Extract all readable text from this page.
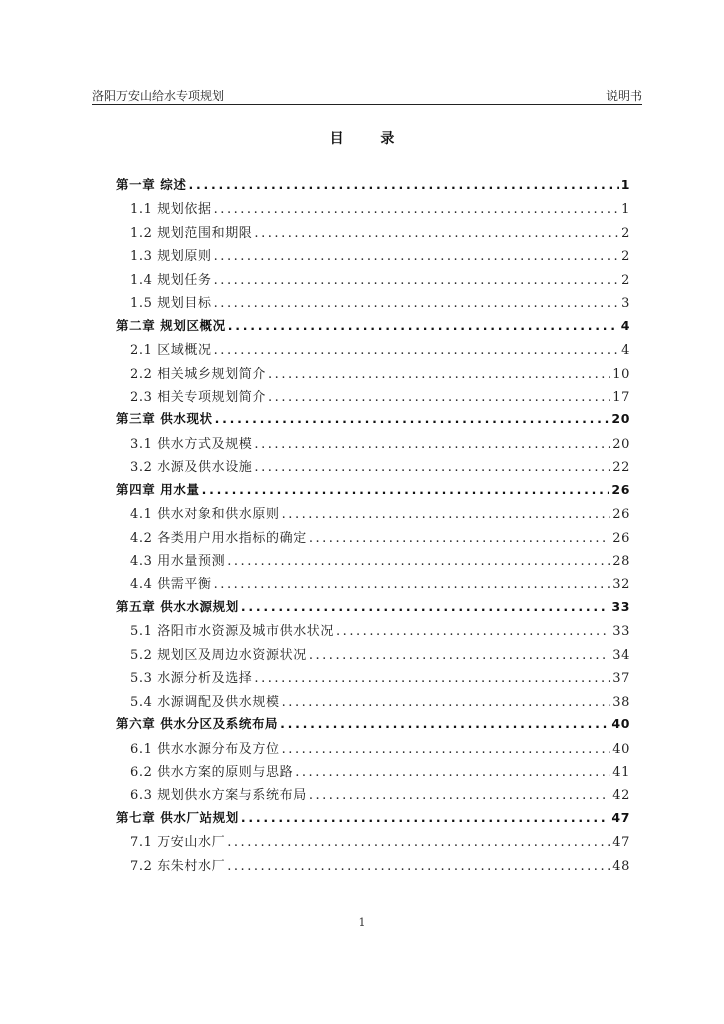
洛阳万安山给水专项规划	说明书
目 录
第一章 综述 . . .	1
1.1 规划依据 . . .	1
1.2 规划范围和期限 . . .	2
1.3 规划原则 . . .	2
1.4 规划任务 . . .	2
1.5 规划目标 . . .	3
第二章 规划区概况 . . .	4
2.1 区域概况 . . .	4
2.2 相关城乡规划简介 . . .	10
2.3 相关专项规划简介 . . .	17
第三章 供水现状 . . .	20
3.1 供水方式及规模 . . .	20
3.2 水源及供水设施 . . .	22
第四章 用水量 . . .	26
4.1 供水对象和供水原则 . . .	26
4.2 各类用户用水指标的确定 . . .	26
4.3 用水量预测 . . .	28
4.4 供需平衡 . . .	32
第五章 供水水源规划 . . .	33
5.1 洛阳市水资源及城市供水状况 . . .	33
5.2 规划区及周边水资源状况 . . .	34
5.3 水源分析及选择 . . .	37
5.4 水源调配及供水规模 . . .	38
第六章 供水分区及系统布局 . . .	40
6.1 供水水源分布及方位 . . .	40
6.2 供水方案的原则与思路 . . .	41
6.3 规划供水方案与系统布局 . . .	42
第七章 供水厂站规划 . . .	47
7.1 万安山水厂 . . .	47
7.2 东朱村水厂 . . .	48
1
